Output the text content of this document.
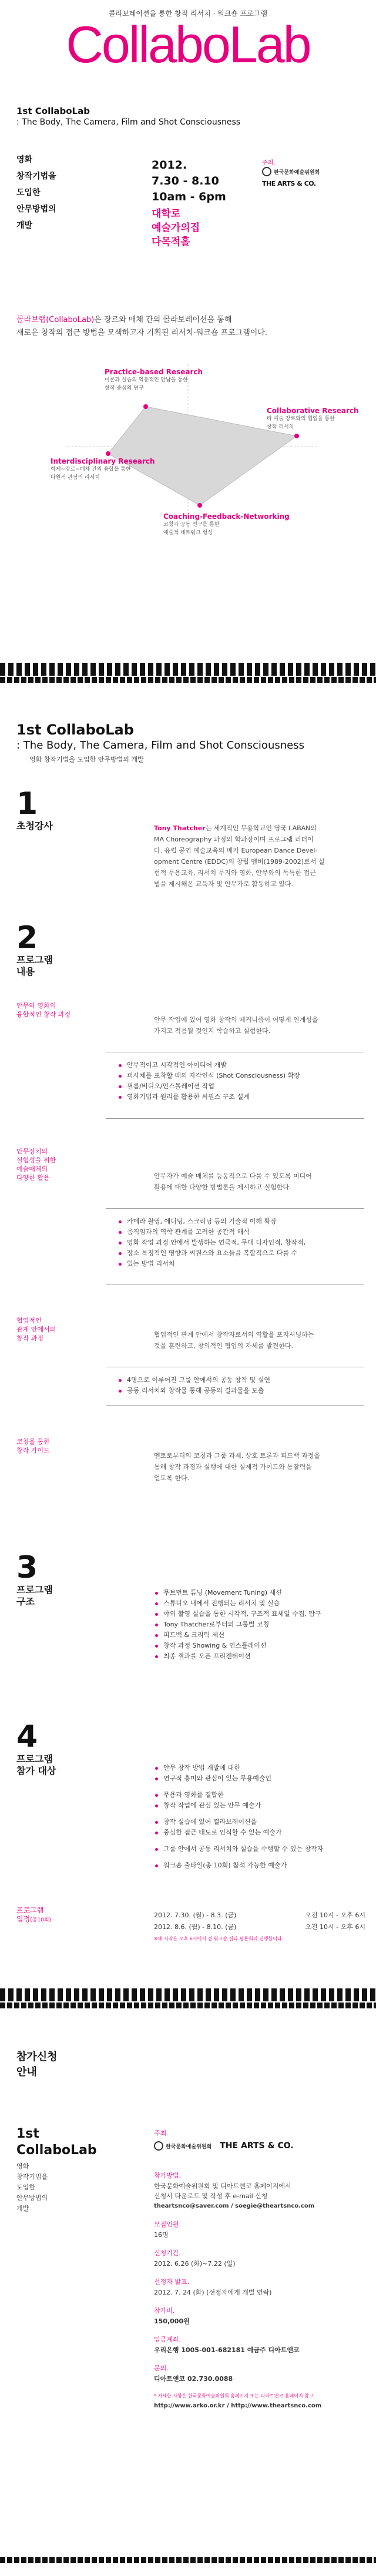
콜라보레이션을 통한 창작 리서치 · 워크숍 프로그램
CollaboLab
1st CollaboLab
: The Body, The Camera, Film and Shot Consciousness
영화
창작기법을
도입한
안무방법의
개발
2012.
7.30 - 8.10
10am - 6pm
대학로
예술가의집
다목적홀
주최.
한국문화예술위원회
THE ARTS & CO.
콜라보랩(CollaboLab)은 장르와 매체 간의 콜라보레이션을 통해
새로운 창작의 접근 방법을 모색하고자 기획된 리서치-워크숍 프로그램이다.
Practice-based Research
이론과 실습의 역동적인 만남을 통한
창작 중심의 연구
Collaborative Research
타 예술 장르와의 협업을 통한
창작 리서치
Interdisciplinary Research
학제~장르~매체 간의 융합을 통한
다원적 관점의 리서치
Coaching-Feedback-Networking
코칭과 공동 연구를 통한
예술적 네트워크 형성
1st CollaboLab
: The Body, The Camera, Film and Shot Consciousness
영화 창작기법을 도입한 안무방법의 개발
1
초청강사	Tony Thatcher는 세계적인 무용학교인 영국 LABAN의
MA Choreography 과정의 학과장이며 프로그램 리더이
다. 유럽 공연 예술교육의 메카 European Dance Devel-
opment Centre (EDDC)의 창립 멤버(1989-2002)로서 실
험적 무용교육, 리서치 무지와 영화, 안무와의 독특한 접근
법을 제시해온 교육자 및 안무가로 활동하고 있다.
2
프로그램
내용
안무와 영화의
융합적인 창작 과정
안무 작업에 있어 영화 창작의 메커니즘이 어떻게 연계성을
가지고 적용될 것인지 학습하고 실험한다.
안무적이고 시각적인 아이디어 개발
피사체를 포착할 때의 자각인식 (Shot Consciousness) 확장
필름/비디오/인스톨레이션 작업
영화기법과 원리를 활용한 씨퀀스 구조 설계
안무장치의
실험성을 위한
예술매체의
다양한 활용	안무자가 예술 매체를 능동적으로 다룰 수 있도록 미디어
활용에 대한 다양한 방법론을 제시하고 실험한다.
카메라 촬영, 에디팅, 스크리닝 등의 기술적 이해 확장
움직임과의 역학 관계를 고려한 공간적 해석
영화 작업 과정 안에서 발생하는 연극적, 무대 디자인적, 창작적,
장소 특정적인 영향과 씨퀀스와 요소들을 복합적으로 다룰 수
있는 방법 리서치
협업적인
관계 안에서의
창작 과정	협업적인 관계 안에서 창작자로서의 역할을 포지셔닝하는
것을 훈련하고, 창의적인 협업의 자세를 발견한다.
4명으로 이루어진 그룹 안에서의 공동 창작 및 실연
공동 리서치와 창작물 통해 공동의 결과물을 도출
코칭을 통한
창작 가이드
멘토로부터의 코칭과 그룹 과제, 상호 토론과 피드백 과정을
통해 창작 과정과 실행에 대한 실제적 가이드와 통찰력을
얻도록 한다.
3
프로그램
구조
무브먼트 튜닝 (Movement Tuning) 세션
스튜디오 내에서 진행되는 리서치 및 실습
야외 촬영 실습을 통한 시각적, 구조적 표세일 수집, 탐구
Tony Thatcher로부터의 그룹별 코칭
피드백 & 크리틱 세션
창작 과정 Showing & 인스톨레이션
최종 결과를 오픈 프리젠테이션
4
프로그램
참가 대상	안무 창작 방법 개발에 대한
연구적 흥미와 관심이 있는 무용예술인
무용과 영화를 결합한
창작 작업에 관심 있는 안무 예술가
창작 실습에 있어 컬라보레이션을
중심한 접근 태도로 인식할 수 있는 예술가
그룹 안에서 공동 리서치와 실습을 수행할 수 있는 창작자
워크숍 출타일(총 10회) 참석 가능한 예술가
프로그램
일정(총10회)
2012. 7.30. (월) - 8.3. (금)	오전 10시 - 오후 6시
2012. 8.6. (월) - 8.10. (금)	오전 10시 - 오후 6시
※매 시작은 오후 6시에서 전 워크숍 결과 평론회의 진행합니다.
참가신청
안내
1st
CollaboLab
영화
창작기법을
도입한
안무방법의
개발
주최.
한국문화예술위원회 THE ARTS & CO.
참가방법.
한국문화예술위원회 및 디아트앤코 홈페이지에서
신청서 다운로드 및 작성 후 e-mail 신청
theartsnco@saver.com / soegie@theartsnco.com
모집인원.
16명
신청기간.
2012. 6.26 (화)~7.22 (일)
선정자 발표.
2012. 7. 24 (화) (선정자에게 개별 연락)
참가비.
150,000원
입금계좌.
우리은행 1005-001-682181 예금주 디아트앤코
문의.
디아트앤코 02.730.0088
* 자세한 사항은 한국문화예술위원회 홈페이지 또는 디아트앤코 홈페이지 참고
http://www.arko.or.kr / http://www.theartsnco.com
